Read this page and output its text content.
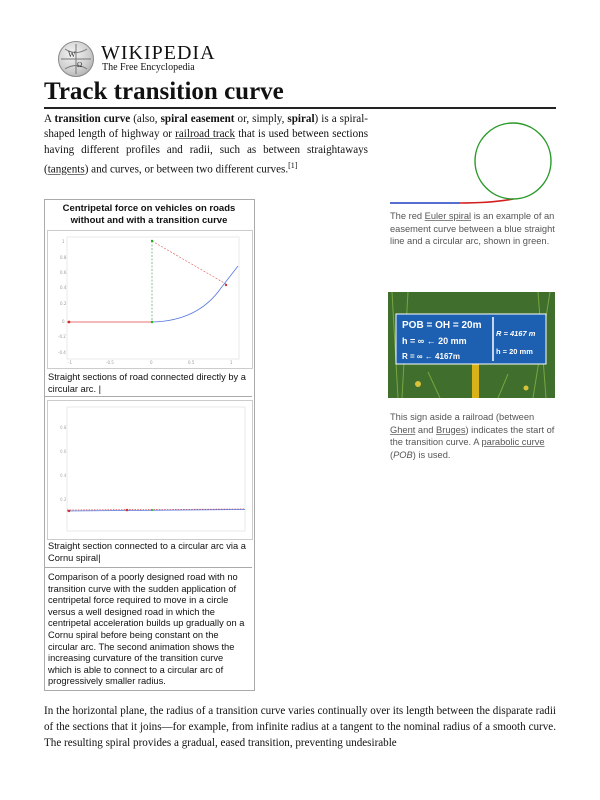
W
Ω
WIKIPEDIA
The Free Encyclopedia
Track transition curve
A transition curve (also, spiral easement or, simply, spiral) is a spiral-shaped length of highway or railroad track that is used between sections having different profiles and radii, such as between straightaways (tangents) and curves, or between two different curves.[1]
The red Euler spiral is an example of an easement curve between a blue straight line and a circular arc, shown in green.
POB = OH = 20m
h = ∞ ← 20 mm
R = ∞ ← 4167m
R = 4167 m
h = 20 mm
This sign aside a railroad (between Ghent and Bruges) indicates the start of the transition curve. A parabolic curve (POB) is used.
Centripetal force on vehicles on roads without and with a transition curve
1
0.8
0.6
0.4
0.2
0
-0.2
-0.4
-1	-0.5	0	0.5	1
Straight sections of road connected directly by a circular arc. |
0.8
0.6
0.4
0.2
Straight section connected to a circular arc via a Cornu spiral|
Comparison of a poorly designed road with no transition curve with the sudden application of centripetal force required to move in a circle versus a well designed road in which the centripetal acceleration builds up gradually on a Cornu spiral before being constant on the circular arc. The second animation shows the increasing curvature of the transition curve which is able to connect to a circular arc of progressively smaller radius.
In the horizontal plane, the radius of a transition curve varies continually over its length between the disparate radii of the sections that it joins—for example, from infinite radius at a tangent to the nominal radius of a smooth curve. The resulting spiral provides a gradual, eased transition, preventing undesirable
